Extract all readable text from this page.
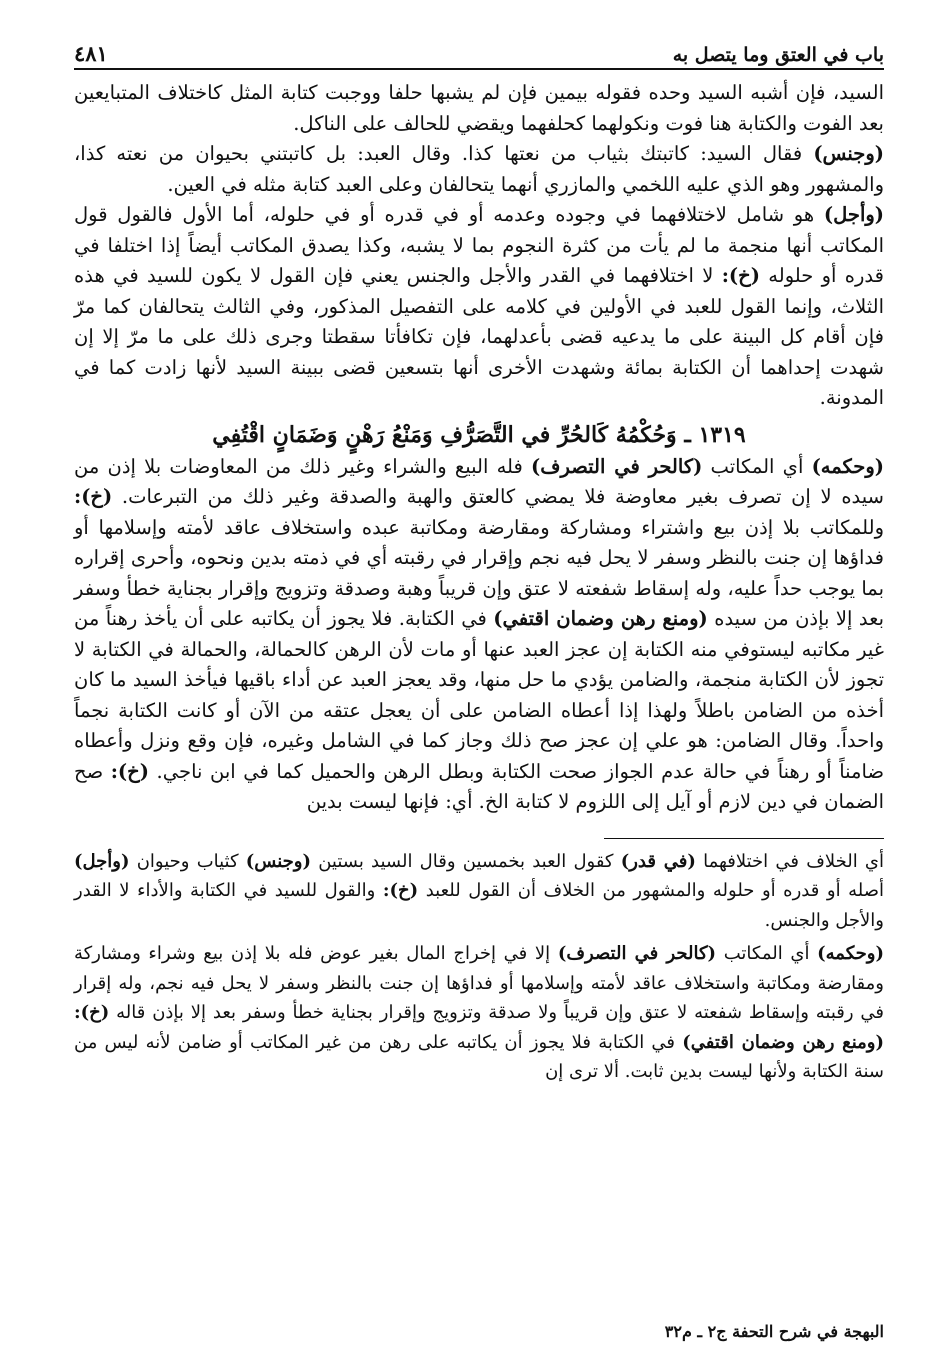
باب في العتق وما يتصل به
٤٨١

السيد، فإن أشبه السيد وحده فقوله بيمين فإن لم يشبها حلفا ووجبت كتابة المثل كاختلاف المتبايعين بعد الفوت والكتابة هنا فوت ونكولهما كحلفهما ويقضي للحالف على الناكل.

(وجنس) فقال السيد: كاتبتك بثياب من نعتها كذا. وقال العبد: بل كاتبتني بحيوان من نعته كذا، والمشهور وهو الذي عليه اللخمي والمازري أنهما يتحالفان وعلى العبد كتابة مثله في العين.

(وأجل) هو شامل لاختلافهما في وجوده وعدمه أو في قدره أو في حلوله، أما الأول فالقول قول المكاتب أنها منجمة ما لم يأت من كثرة النجوم بما لا يشبه، وكذا يصدق المكاتب أيضاً إذا اختلفا في قدره أو حلوله (خ): لا اختلافهما في القدر والأجل والجنس يعني فإن القول لا يكون للسيد في هذه الثلاث، وإنما القول للعبد في الأولين في كلامه على التفصيل المذكور، وفي الثالث يتحالفان كما مرّ فإن أقام كل البينة على ما يدعيه قضى بأعدلهما، فإن تكافأتا سقطتا وجرى ذلك على ما مرّ إلا إن شهدت إحداهما أن الكتابة بمائة وشهدت الأخرى أنها بتسعين قضى ببينة السيد لأنها زادت كما في المدونة.

١٣١٩ ـ وَحُكْمُهُ كَالحُرِّ في التَّصَرُّفِ وَمَنْعُ رَهْنٍ وَضَمَانٍ اقْتُفِي

(وحكمه) أي المكاتب (كالحر في التصرف) فله البيع والشراء وغير ذلك من المعاوضات بلا إذن من سيده لا إن تصرف بغير معاوضة فلا يمضي كالعتق والهبة والصدقة وغير ذلك من التبرعات. (خ): وللمكاتب بلا إذن بيع واشتراء ومشاركة ومقارضة ومكاتبة عبده واستخلاف عاقد لأمته وإسلامها أو فداؤها إن جنت بالنظر وسفر لا يحل فيه نجم وإقرار في رقبته أي في ذمته بدين ونحوه، وأحرى إقراره بما يوجب حداً عليه، وله إسقاط شفعته لا عتق وإن قريباً وهبة وصدقة وتزويج وإقرار بجناية خطأ وسفر بعد إلا بإذن من سيده (ومنع رهن وضمان اقتفي) في الكتابة. فلا يجوز أن يكاتبه على أن يأخذ رهناً من غير مكاتبه ليستوفي منه الكتابة إن عجز العبد عنها أو مات لأن الرهن كالحمالة، والحمالة في الكتابة لا تجوز لأن الكتابة منجمة، والضامن يؤدي ما حل منها، وقد يعجز العبد عن أداء باقيها فيأخذ السيد ما كان أخذه من الضامن باطلاً ولهذا إذا أعطاه الضامن على أن يعجل عتقه من الآن أو كانت الكتابة نجماً واحداً. وقال الضامن: هو علي إن عجز صح ذلك وجاز كما في الشامل وغيره، فإن وقع ونزل وأعطاه ضامناً أو رهناً في حالة عدم الجواز صحت الكتابة وبطل الرهن والحميل كما في ابن ناجي. (خ): صح الضمان في دين لازم أو آيل إلى اللزوم لا كتابة الخ. أي: فإنها ليست بدين

أي الخلاف في اختلافهما (في قدر) كقول العبد بخمسين وقال السيد بستين (وجنس) كثياب وحيوان (وأجل) أصله أو قدره أو حلوله والمشهور من الخلاف أن القول للعبد (خ): والقول للسيد في الكتابة والأداء لا القدر والأجل والجنس.

(وحكمه) أي المكاتب (كالحر في التصرف) إلا في إخراج المال بغير عوض فله بلا إذن بيع وشراء ومشاركة ومقارضة ومكاتبة واستخلاف عاقد لأمته وإسلامها أو فداؤها إن جنت بالنظر وسفر لا يحل فيه نجم، وله إقرار في رقبته وإسقاط شفعته لا عتق وإن قريباً ولا صدقة وتزويج وإقرار بجناية خطأ وسفر بعد إلا بإذن قاله (خ): (ومنع رهن وضمان اقتفي) في الكتابة فلا يجوز أن يكاتبه على رهن من غير المكاتب أو ضامن لأنه ليس من سنة الكتابة ولأنها ليست بدين ثابت. ألا ترى إن

البهجة في شرح التحفة ج٢ ـ م٣٢
